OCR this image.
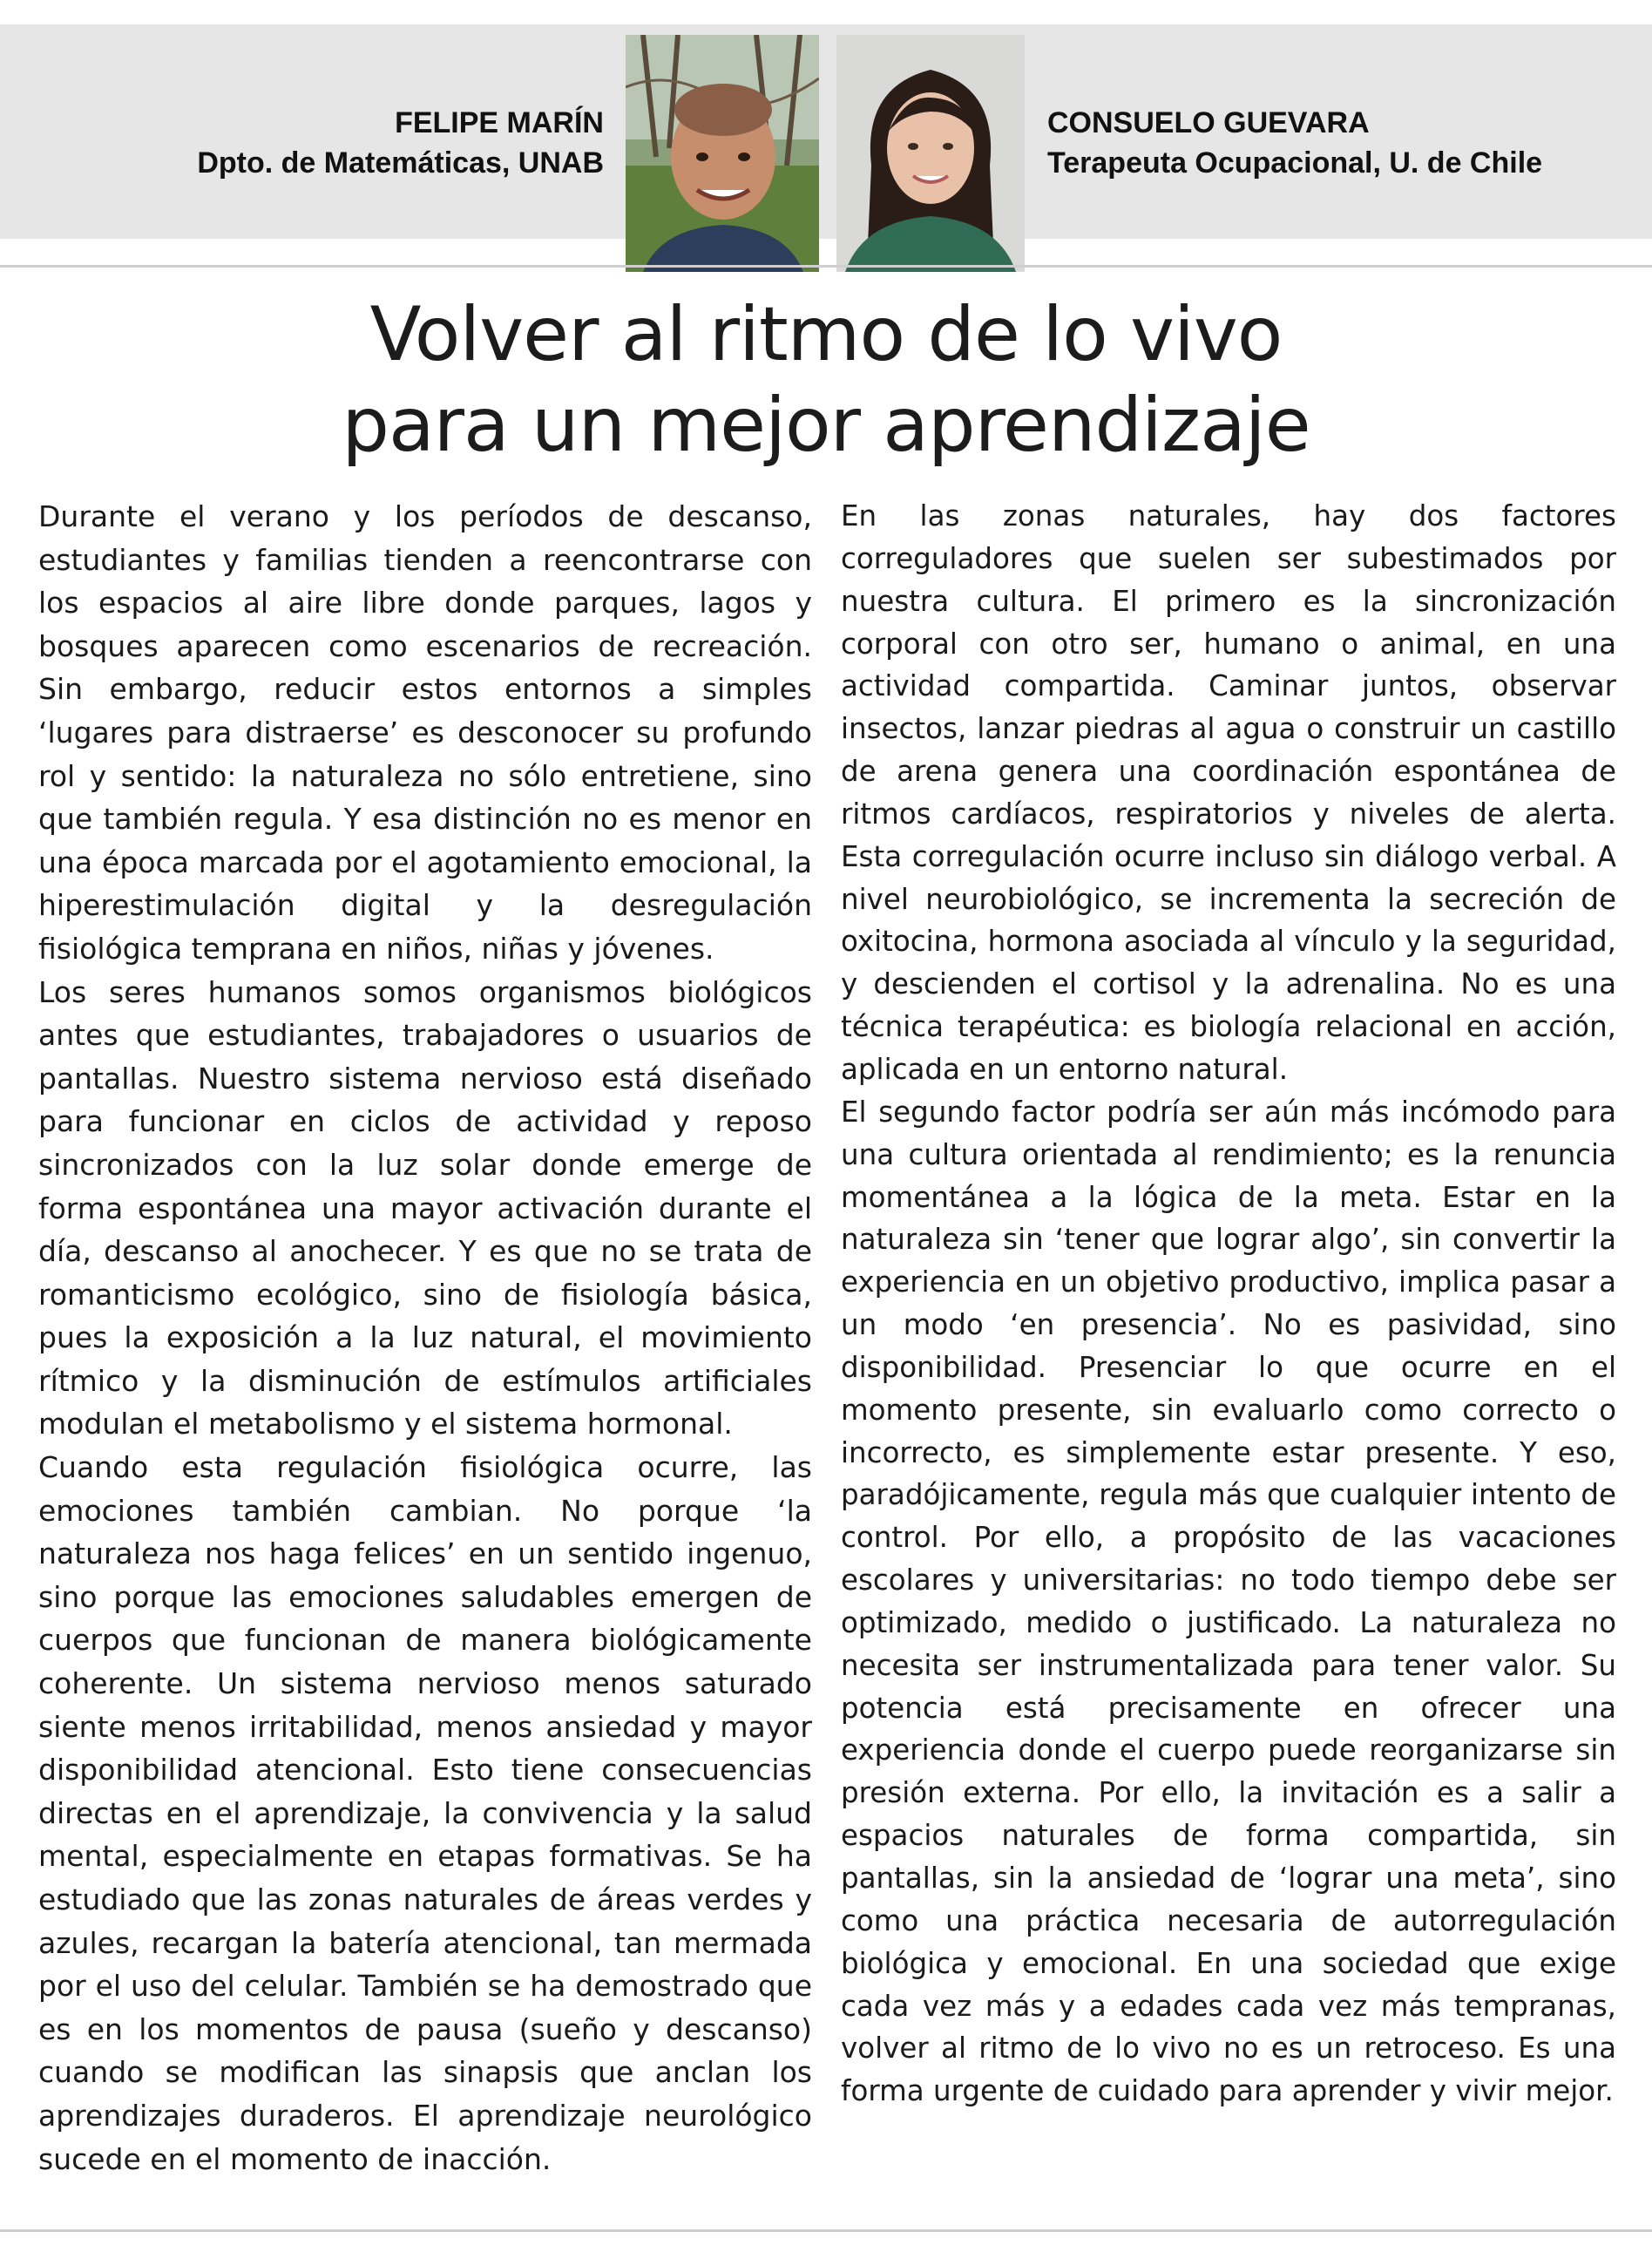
FELIPE MARÍN
Dpto. de Matemáticas, UNAB
CONSUELO GUEVARA
Terapeuta Ocupacional, U. de Chile
Volver al ritmo de lo vivo
para un mejor aprendizaje

Durante el verano y los períodos de descanso, estudiantes y familias tienden a reencontrarse con los espacios al aire libre donde parques, lagos y bosques aparecen como escenarios de recreación. Sin embargo, reducir estos entornos a simples ‘lugares para distraerse’ es desconocer su profundo rol y sentido: la naturaleza no sólo entretiene, sino que también regula. Y esa distinción no es menor en una época marcada por el agotamiento emocional, la hiperestimulación digital y la desregulación fisiológica temprana en niños, niñas y jóvenes.

Los seres humanos somos organismos biológicos antes que estudiantes, trabajadores o usuarios de pantallas. Nuestro sistema nervioso está diseñado para funcionar en ciclos de actividad y reposo sincronizados con la luz solar donde emerge de forma espontánea una mayor activación durante el día, descanso al anochecer. Y es que no se trata de romanticismo ecológico, sino de fisiología básica, pues la exposición a la luz natural, el movimiento rítmico y la disminución de estímulos artificiales modulan el metabolismo y el sistema hormonal.

Cuando esta regulación fisiológica ocurre, las emociones también cambian. No porque ‘la naturaleza nos haga felices’ en un sentido ingenuo, sino porque las emociones saludables emergen de cuerpos que funcionan de manera biológicamente coherente. Un sistema nervioso menos saturado siente menos irritabilidad, menos ansiedad y mayor disponibilidad atencional. Esto tiene consecuencias directas en el aprendizaje, la convivencia y la salud mental, especialmente en etapas formativas. Se ha estudiado que las zonas naturales de áreas verdes y azules, recargan la batería atencional, tan mermada por el uso del celular. También se ha demostrado que es en los momentos de pausa (sueño y descanso) cuando se modifican las sinapsis que anclan los aprendizajes duraderos. El aprendizaje neurológico sucede en el momento de inacción.

En las zonas naturales, hay dos factores correguladores que suelen ser subestimados por nuestra cultura. El primero es la sincronización corporal con otro ser, humano o animal, en una actividad compartida. Caminar juntos, observar insectos, lanzar piedras al agua o construir un castillo de arena genera una coordinación espontánea de ritmos cardíacos, respiratorios y niveles de alerta. Esta corregulación ocurre incluso sin diálogo verbal. A nivel neurobiológico, se incrementa la secreción de oxitocina, hormona asociada al vínculo y la seguridad, y descienden el cortisol y la adrenalina. No es una técnica terapéutica: es biología relacional en acción, aplicada en un entorno natural.

El segundo factor podría ser aún más incómodo para una cultura orientada al rendimiento; es la renuncia momentánea a la lógica de la meta. Estar en la naturaleza sin ‘tener que lograr algo’, sin convertir la experiencia en un objetivo productivo, implica pasar a un modo ‘en presencia’. No es pasividad, sino disponibilidad. Presenciar lo que ocurre en el momento presente, sin evaluarlo como correcto o incorrecto, es simplemente estar presente. Y eso, paradójicamente, regula más que cualquier intento de control. Por ello, a propósito de las vacaciones escolares y universitarias: no todo tiempo debe ser optimizado, medido o justificado. La naturaleza no necesita ser instrumentalizada para tener valor. Su potencia está precisamente en ofrecer una experiencia donde el cuerpo puede reorganizarse sin presión externa. Por ello, la invitación es a salir a espacios naturales de forma compartida, sin pantallas, sin la ansiedad de ‘lograr una meta’, sino como una práctica necesaria de autorregulación biológica y emocional. En una sociedad que exige cada vez más y a edades cada vez más tempranas, volver al ritmo de lo vivo no es un retroceso. Es una forma urgente de cuidado para aprender y vivir mejor.
